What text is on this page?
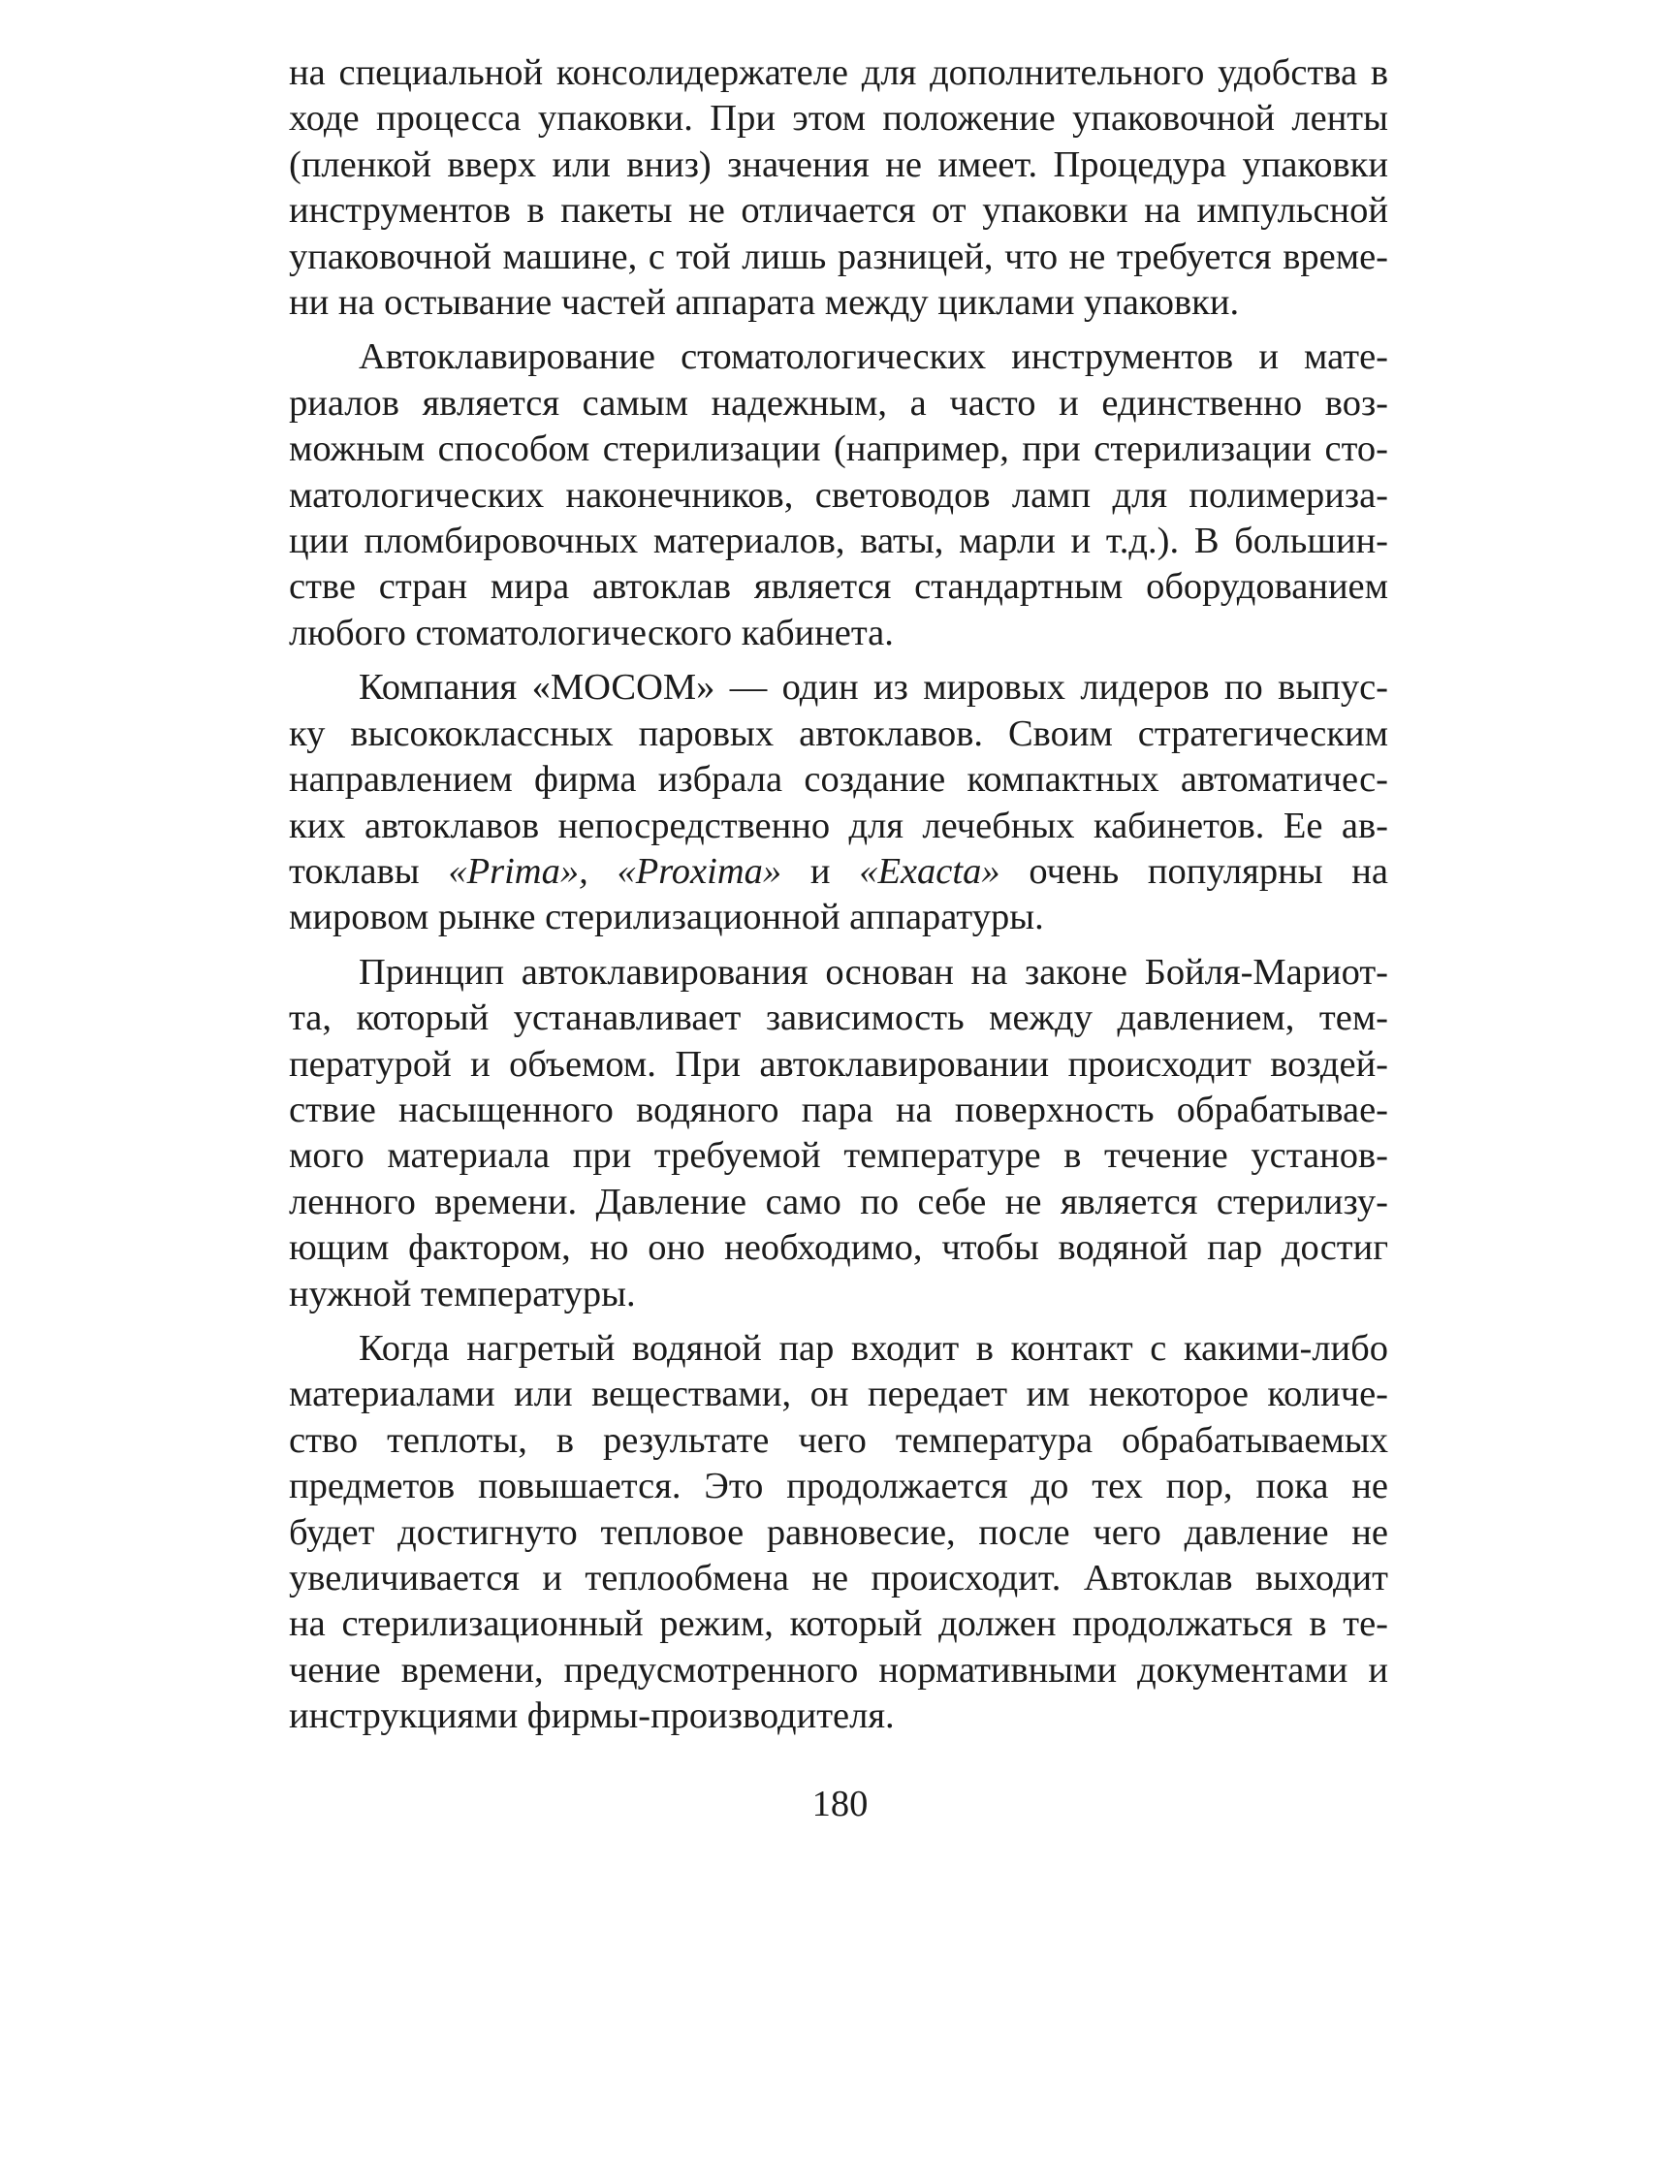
на специальной консолидержателе для дополнительного удобства в
ходе процесса упаковки. При этом положение упаковочной ленты
(пленкой вверх или вниз) значения не имеет. Процедура упаковки
инструментов в пакеты не отличается от упаковки на импульсной
упаковочной машине, с той лишь разницей, что не требуется време-
ни на остывание частей аппарата между циклами упаковки.
Автоклавирование стоматологических инструментов и мате-
риалов является самым надежным, а часто и единственно воз-
можным способом стерилизации (например, при стерилизации сто-
матологических наконечников, световодов ламп для полимериза-
ции пломбировочных материалов, ваты, марли и т.д.). В большин-
стве стран мира автоклав является стандартным оборудованием
любого стоматологического кабинета.
Компания «МОСОМ» — один из мировых лидеров по выпус-
ку высококлассных паровых автоклавов. Своим стратегическим
направлением фирма избрала создание компактных автоматичес-
ких автоклавов непосредственно для лечебных кабинетов. Ее ав-
токлавы «Prima», «Proxima» и «Exacta» очень популярны на
мировом рынке стерилизационной аппаратуры.
Принцип автоклавирования основан на законе Бойля-Мариот-
та, который устанавливает зависимость между давлением, тем-
пературой и объемом. При автоклавировании происходит воздей-
ствие насыщенного водяного пара на поверхность обрабатывае-
мого материала при требуемой температуре в течение установ-
ленного времени. Давление само по себе не является стерилизу-
ющим фактором, но оно необходимо, чтобы водяной пар достиг
нужной температуры.
Когда нагретый водяной пар входит в контакт с какими-либо
материалами или веществами, он передает им некоторое количе-
ство теплоты, в результате чего температура обрабатываемых
предметов повышается. Это продолжается до тех пор, пока не
будет достигнуто тепловое равновесие, после чего давление не
увеличивается и теплообмена не происходит. Автоклав выходит
на стерилизационный режим, который должен продолжаться в те-
чение времени, предусмотренного нормативными документами и
инструкциями фирмы-производителя.
180
